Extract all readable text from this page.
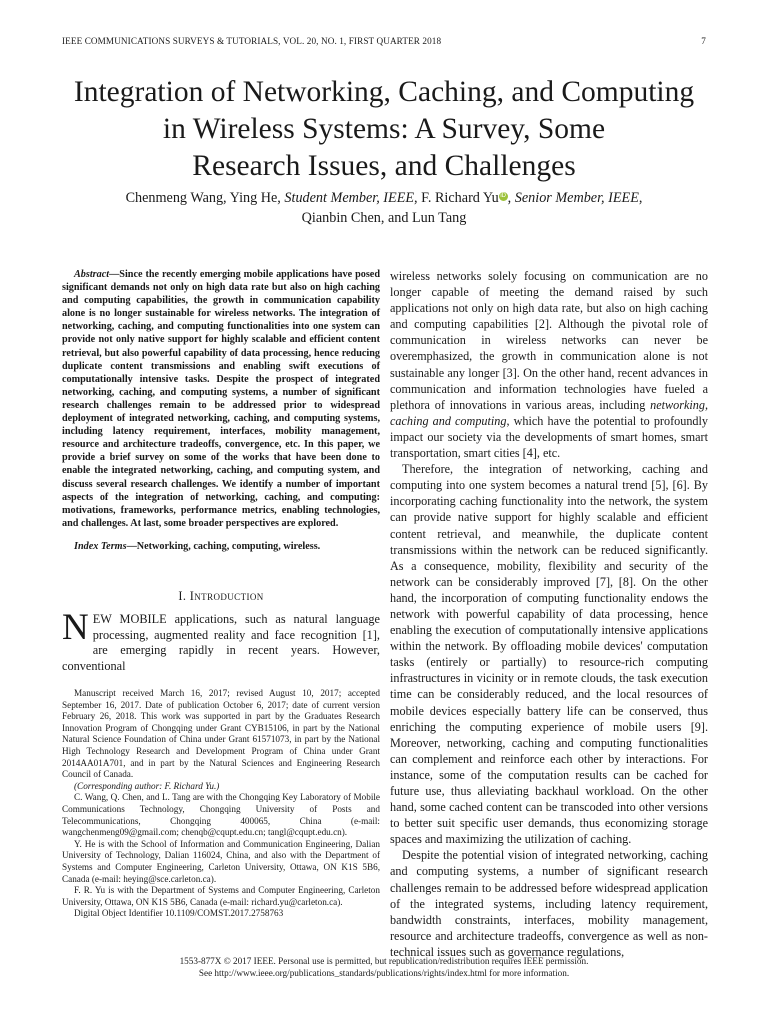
IEEE COMMUNICATIONS SURVEYS & TUTORIALS, VOL. 20, NO. 1, FIRST QUARTER 2018	7
Integration of Networking, Caching, and Computing
in Wireless Systems: A Survey, Some
Research Issues, and Challenges
Chenmeng Wang, Ying He, Student Member, IEEE, F. Richard Yu iD , Senior Member, IEEE,
Qianbin Chen, and Lun Tang

Abstract—Since the recently emerging mobile applications have posed significant demands not only on high data rate but also on high caching and computing capabilities, the growth in communication capability alone is no longer sustainable for wireless networks. The integration of networking, caching, and computing functionalities into one system can provide not only native support for highly scalable and efficient content retrieval, but also powerful capability of data processing, hence reducing duplicate content transmissions and enabling swift executions of computationally intensive tasks. Despite the prospect of integrated networking, caching, and computing systems, a number of significant research challenges remain to be addressed prior to widespread deployment of integrated networking, caching, and computing systems, including latency requirement, interfaces, mobility management, resource and architecture tradeoffs, convergence, etc. In this paper, we provide a brief survey on some of the works that have been done to enable the integrated networking, caching, and computing system, and discuss several research challenges. We identify a number of important aspects of the integration of networking, caching, and computing: motivations, frameworks, performance metrics, enabling technologies, and challenges. At last, some broader perspectives are explored.

Index Terms—Networking, caching, computing, wireless.

I. Introduction

NEW MOBILE applications, such as natural language processing, augmented reality and face recognition [1], are emerging rapidly in recent years. However, conventional

Manuscript received March 16, 2017; revised August 10, 2017; accepted September 16, 2017. Date of publication October 6, 2017; date of current version February 26, 2018. This work was supported in part by the Graduates Research Innovation Program of Chongqing under Grant CYB15106, in part by the National Natural Science Foundation of China under Grant 61571073, in part by the National High Technology Research and Development Program of China under Grant 2014AA01A701, and in part by the Natural Sciences and Engineering Research Council of Canada.

(Corresponding author: F. Richard Yu.)

C. Wang, Q. Chen, and L. Tang are with the Chongqing Key Laboratory of Mobile Communications Technology, Chongqing University of Posts and Telecommunications, Chongqing 400065, China (e-mail: wangchenmeng09@gmail.com; chenqb@cqupt.edu.cn; tangl@cqupt.edu.cn).

Y. He is with the School of Information and Communication Engineering, Dalian University of Technology, Dalian 116024, China, and also with the Department of Systems and Computer Engineering, Carleton University, Ottawa, ON K1S 5B6, Canada (e-mail: heying@sce.carleton.ca).

F. R. Yu is with the Department of Systems and Computer Engineering, Carleton University, Ottawa, ON K1S 5B6, Canada (e-mail: richard.yu@carleton.ca).

Digital Object Identifier 10.1109/COMST.2017.2758763

wireless networks solely focusing on communication are no longer capable of meeting the demand raised by such applications not only on high data rate, but also on high caching and computing capabilities [2]. Although the pivotal role of communication in wireless networks can never be overemphasized, the growth in communication alone is not sustainable any longer [3]. On the other hand, recent advances in communication and information technologies have fueled a plethora of innovations in various areas, including networking, caching and computing, which have the potential to profoundly impact our society via the developments of smart homes, smart transportation, smart cities [4], etc.

Therefore, the integration of networking, caching and computing into one system becomes a natural trend [5], [6]. By incorporating caching functionality into the network, the system can provide native support for highly scalable and efficient content retrieval, and meanwhile, the duplicate content transmissions within the network can be reduced significantly. As a consequence, mobility, flexibility and security of the network can be considerably improved [7], [8]. On the other hand, the incorporation of computing functionality endows the network with powerful capability of data processing, hence enabling the execution of computationally intensive applications within the network. By offloading mobile devices' computation tasks (entirely or partially) to resource-rich computing infrastructures in vicinity or in remote clouds, the task execution time can be considerably reduced, and the local resources of mobile devices especially battery life can be conserved, thus enriching the computing experience of mobile users [9]. Moreover, networking, caching and computing functionalities can complement and reinforce each other by interactions. For instance, some of the computation results can be cached for future use, thus alleviating backhaul workload. On the other hand, some cached content can be transcoded into other versions to better suit specific user demands, thus economizing storage spaces and maximizing the utilization of caching.

Despite the potential vision of integrated networking, caching and computing systems, a number of significant research challenges remain to be addressed before widespread application of the integrated systems, including latency requirement, bandwidth constraints, interfaces, mobility management, resource and architecture tradeoffs, convergence as well as non-technical issues such as governance regulations,

1553-877X © 2017 IEEE. Personal use is permitted, but republication/redistribution requires IEEE permission.
See http://www.ieee.org/publications_standards/publications/rights/index.html for more information.
